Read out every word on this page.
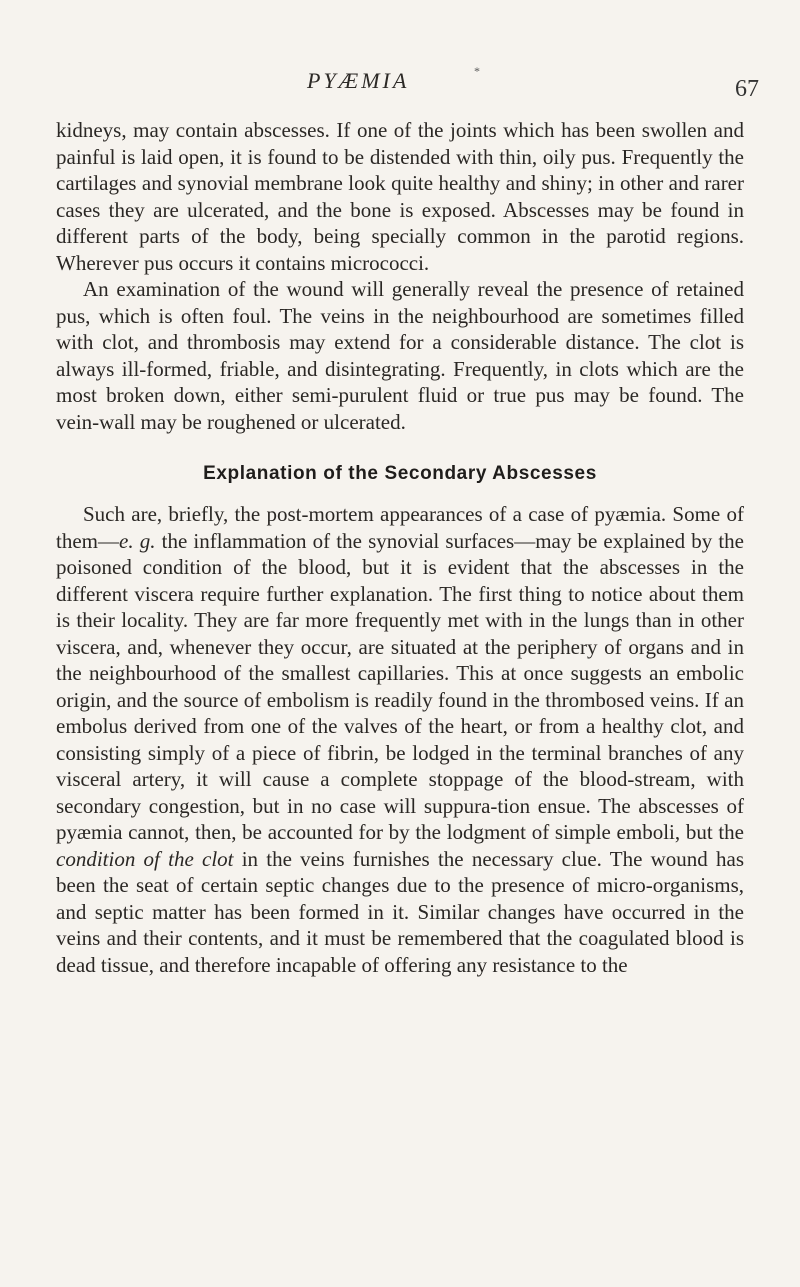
PYÆMIA	*
67

kidneys, may contain abscesses. If one of the joints which has been swollen and painful is laid open, it is found to be distended with thin, oily pus. Frequently the cartilages and synovial membrane look quite healthy and shiny; in other and rarer cases they are ulcerated, and the bone is exposed. Abscesses may be found in different parts of the body, being specially common in the parotid regions. Wherever pus occurs it contains micrococci.

An examination of the wound will generally reveal the presence of retained pus, which is often foul. The veins in the neighbourhood are sometimes filled with clot, and thrombosis may extend for a considerable distance. The clot is always ill-formed, friable, and disintegrating. Frequently, in clots which are the most broken down, either semi-purulent fluid or true pus may be found. The vein-wall may be roughened or ulcerated.

Explanation of the Secondary Abscesses

Such are, briefly, the post-mortem appearances of a case of pyæmia. Some of them—e. g. the inflammation of the synovial surfaces—may be explained by the poisoned condition of the blood, but it is evident that the abscesses in the different viscera require further explanation. The first thing to notice about them is their locality. They are far more frequently met with in the lungs than in other viscera, and, whenever they occur, are situated at the periphery of organs and in the neighbourhood of the smallest capillaries. This at once suggests an embolic origin, and the source of embolism is readily found in the thrombosed veins. If an embolus derived from one of the valves of the heart, or from a healthy clot, and consisting simply of a piece of fibrin, be lodged in the terminal branches of any visceral artery, it will cause a complete stoppage of the blood-stream, with secondary congestion, but in no case will suppura-tion ensue. The abscesses of pyæmia cannot, then, be accounted for by the lodgment of simple emboli, but the condition of the clot in the veins furnishes the necessary clue. The wound has been the seat of certain septic changes due to the presence of micro-organisms, and septic matter has been formed in it. Similar changes have occurred in the veins and their contents, and it must be remembered that the coagulated blood is dead tissue, and therefore incapable of offering any resistance to the
